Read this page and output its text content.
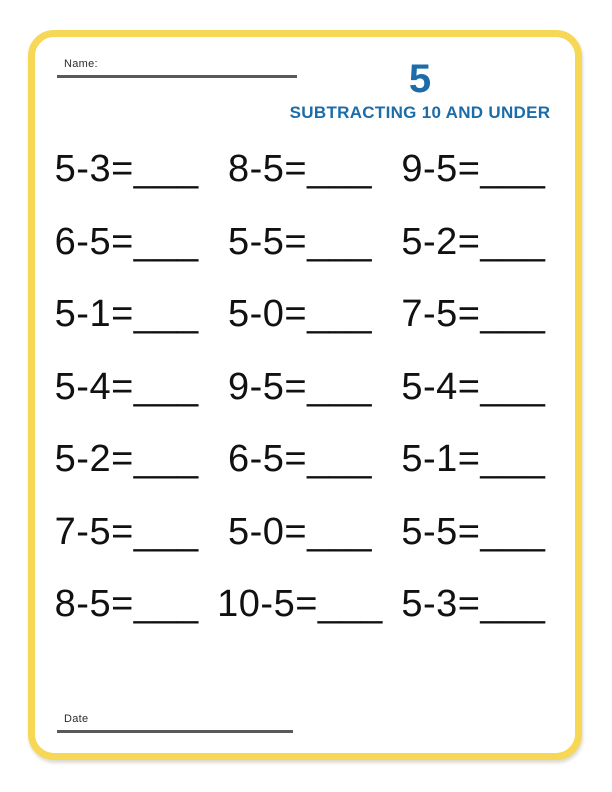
Name:	5
SUBTRACTING 10 AND UNDER
5-3=___ 8-5=___ 9-5=___
6-5=___ 5-5=___ 5-2=___
5-1=___ 5-0=___ 7-5=___
5-4=___ 9-5=___ 5-4=___
5-2=___ 6-5=___ 5-1=___
7-5=___ 5-0=___ 5-5=___
8-5=___ 10-5=___ 5-3=___
Date
